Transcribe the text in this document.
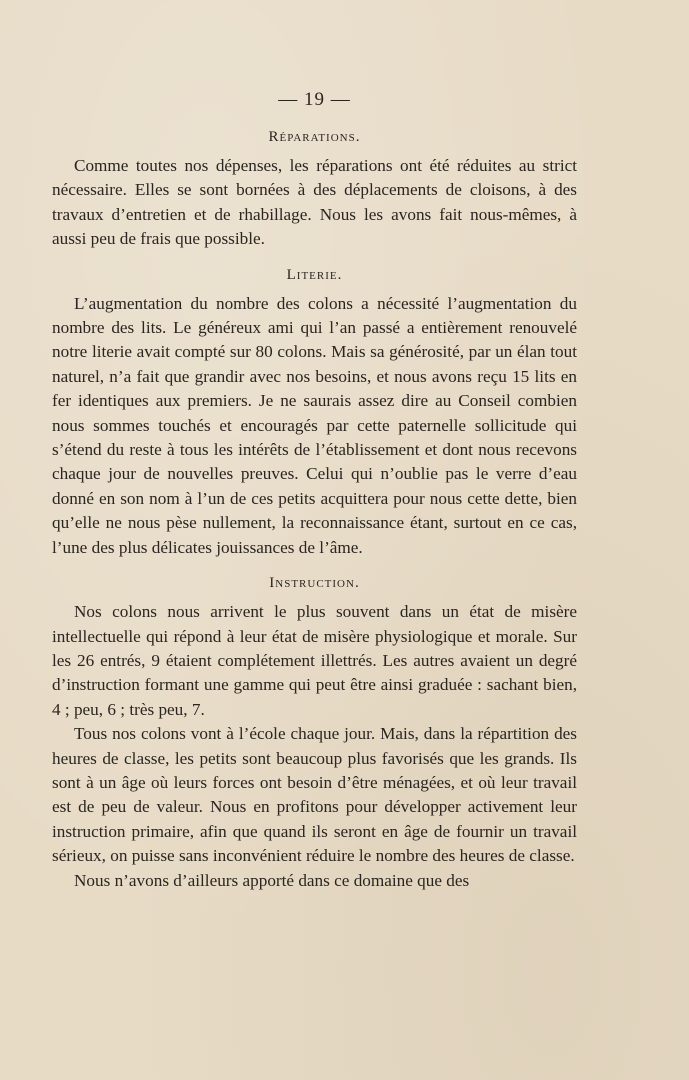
— 19 —
Réparations.

Comme toutes nos dépenses, les réparations ont été réduites au strict nécessaire. Elles se sont bornées à des déplacements de cloisons, à des travaux d’entretien et de rhabillage. Nous les avons fait nous-mêmes, à aussi peu de frais que possible.

Literie.

L’augmentation du nombre des colons a nécessité l’augmentation du nombre des lits. Le généreux ami qui l’an passé a entièrement renouvelé notre literie avait compté sur 80 colons. Mais sa générosité, par un élan tout naturel, n’a fait que grandir avec nos besoins, et nous avons reçu 15 lits en fer identiques aux premiers. Je ne saurais assez dire au Conseil combien nous sommes touchés et encouragés par cette paternelle sollicitude qui s’étend du reste à tous les intérêts de l’établissement et dont nous recevons chaque jour de nouvelles preuves. Celui qui n’oublie pas le verre d’eau donné en son nom à l’un de ces petits acquittera pour nous cette dette, bien qu’elle ne nous pèse nullement, la reconnaissance étant, surtout en ce cas, l’une des plus délicates jouissances de l’âme.

Instruction.

Nos colons nous arrivent le plus souvent dans un état de misère intellectuelle qui répond à leur état de misère physiologique et morale. Sur les 26 entrés, 9 étaient complétement illettrés. Les autres avaient un degré d’instruction formant une gamme qui peut être ainsi graduée : sachant bien, 4 ; peu, 6 ; très peu, 7.

Tous nos colons vont à l’école chaque jour. Mais, dans la répartition des heures de classe, les petits sont beaucoup plus favorisés que les grands. Ils sont à un âge où leurs forces ont besoin d’être ménagées, et où leur travail est de peu de valeur. Nous en profitons pour développer activement leur instruction primaire, afin que quand ils seront en âge de fournir un travail sérieux, on puisse sans inconvénient réduire le nombre des heures de classe.

Nous n’avons d’ailleurs apporté dans ce domaine que des
